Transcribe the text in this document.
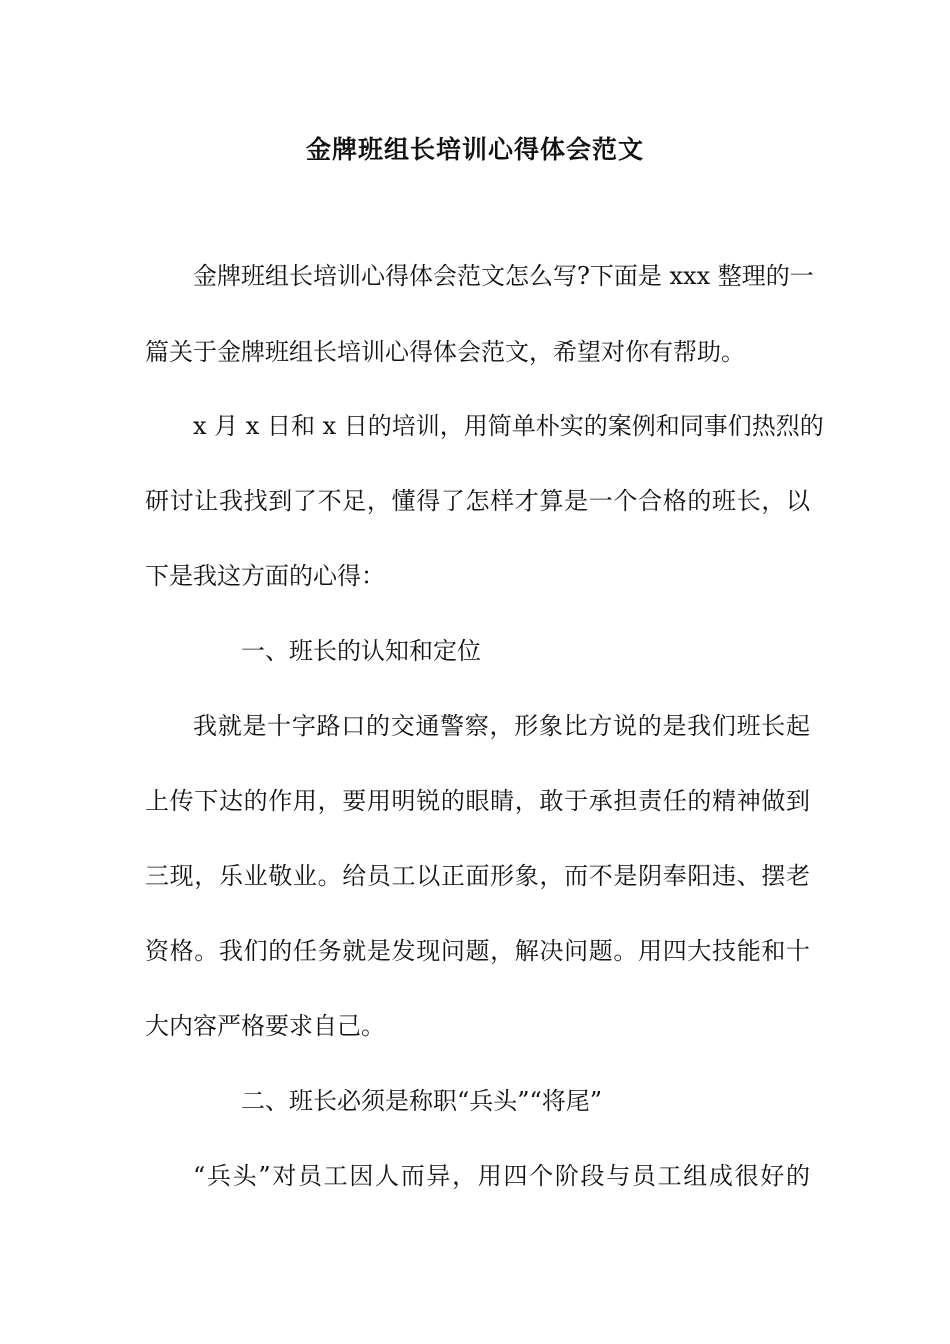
金牌班组长培训心得体会范文
金牌班组长培训心得体会范文怎么写?下面是 xxx 整理的一
篇关于金牌班组长培训心得体会范文，希望对你有帮助。
x 月 x 日和 x 日的培训，用简单朴实的案例和同事们热烈的
研讨让我找到了不足，懂得了怎样才算是一个合格的班长，以
下是我这方面的心得：
一、班长的认知和定位
我就是十字路口的交通警察，形象比方说的是我们班长起
上传下达的作用，要用明锐的眼睛，敢于承担责任的精神做到
三现，乐业敬业。给员工以正面形象，而不是阴奉阳违、摆老
资格。我们的任务就是发现问题，解决问题。用四大技能和十
大内容严格要求自己。
二、班长必须是称职“兵头”“将尾”
“兵头”对员工因人而异，用四个阶段与员工组成很好的
